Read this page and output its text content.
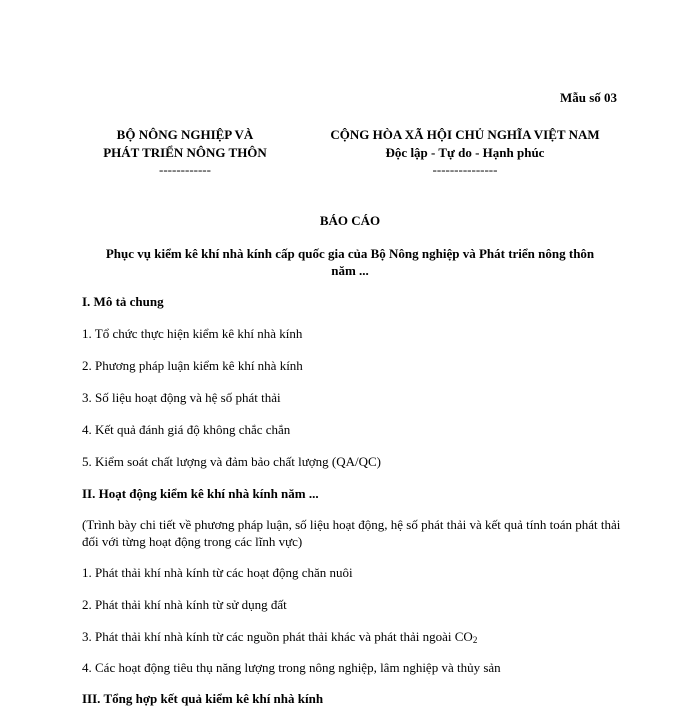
Mẫu số 03
BỘ NÔNG NGHIỆP VÀ
PHÁT TRIỂN NÔNG THÔN
------------
CỘNG HÒA XÃ HỘI CHỦ NGHĨA VIỆT NAM
Độc lập - Tự do - Hạnh phúc
---------------
BÁO CÁO
Phục vụ kiểm kê khí nhà kính cấp quốc gia của Bộ Nông nghiệp và Phát triển nông thôn
năm ...
I. Mô tả chung
1. Tổ chức thực hiện kiểm kê khí nhà kính
2. Phương pháp luận kiểm kê khí nhà kính
3. Số liệu hoạt động và hệ số phát thải
4. Kết quả đánh giá độ không chắc chắn
5. Kiểm soát chất lượng và đảm bảo chất lượng (QA/QC)
II. Hoạt động kiểm kê khí nhà kính năm ...
(Trình bày chi tiết về phương pháp luận, số liệu hoạt động, hệ số phát thải và kết quả tính toán phát thải đối với từng hoạt động trong các lĩnh vực)
1. Phát thải khí nhà kính từ các hoạt động chăn nuôi
2. Phát thải khí nhà kính từ sử dụng đất
3. Phát thải khí nhà kính từ các nguồn phát thải khác và phát thải ngoài $CO_2$
4. Các hoạt động tiêu thụ năng lượng trong nông nghiệp, lâm nghiệp và thủy sản
III. Tổng hợp kết quả kiểm kê khí nhà kính
